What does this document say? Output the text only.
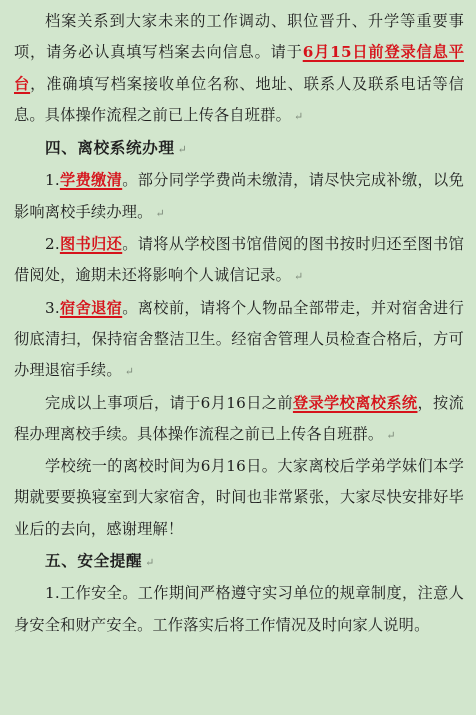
档案关系到大家未来的工作调动、职位晋升、升学等重要事项，请务必认真填写档案去向信息。请于6月15日前登录信息平台，准确填写档案接收单位名称、地址、联系人及联系电话等信息。具体操作流程之前已上传各自班群。 ↵

四、离校系统办理 ↵

1.学费缴清。部分同学学费尚未缴清，请尽快完成补缴，以免影响离校手续办理。 ↵

2.图书归还。请将从学校图书馆借阅的图书按时归还至图书馆借阅处，逾期未还将影响个人诚信记录。 ↵

3.宿舍退宿。离校前，请将个人物品全部带走，并对宿舍进行彻底清扫，保持宿舍整洁卫生。经宿舍管理人员检查合格后，方可办理退宿手续。 ↵

完成以上事项后，请于6月16日之前登录学校离校系统，按流程办理离校手续。具体操作流程之前已上传各自班群。 ↵

学校统一的离校时间为6月16日。大家离校后学弟学妹们本学期就要要换寝室到大家宿舍，时间也非常紧张，大家尽快安排好毕业后的去向，感谢理解！

五、安全提醒 ↵

1.工作安全。工作期间严格遵守实习单位的规章制度，注意人身安全和财产安全。工作落实后将工作情况及时向家人说明。
